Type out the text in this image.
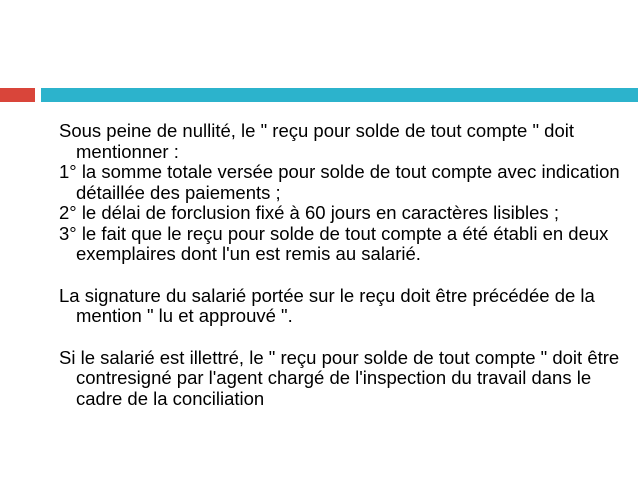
Sous peine de nullité, le " reçu pour solde de tout compte " doit mentionner :

1° la somme totale versée pour solde de tout compte avec indication détaillée des paiements ;

2° le délai de forclusion fixé à 60 jours en caractères lisibles ;

3° le fait que le reçu pour solde de tout compte a été établi en deux exemplaires dont l'un est remis au salarié.

La signature du salarié portée sur le reçu doit être précédée de la mention " lu et approuvé ".

Si le salarié est illettré, le " reçu pour solde de tout compte " doit être contresigné par l'agent chargé de l'inspection du travail dans le cadre de la conciliation
